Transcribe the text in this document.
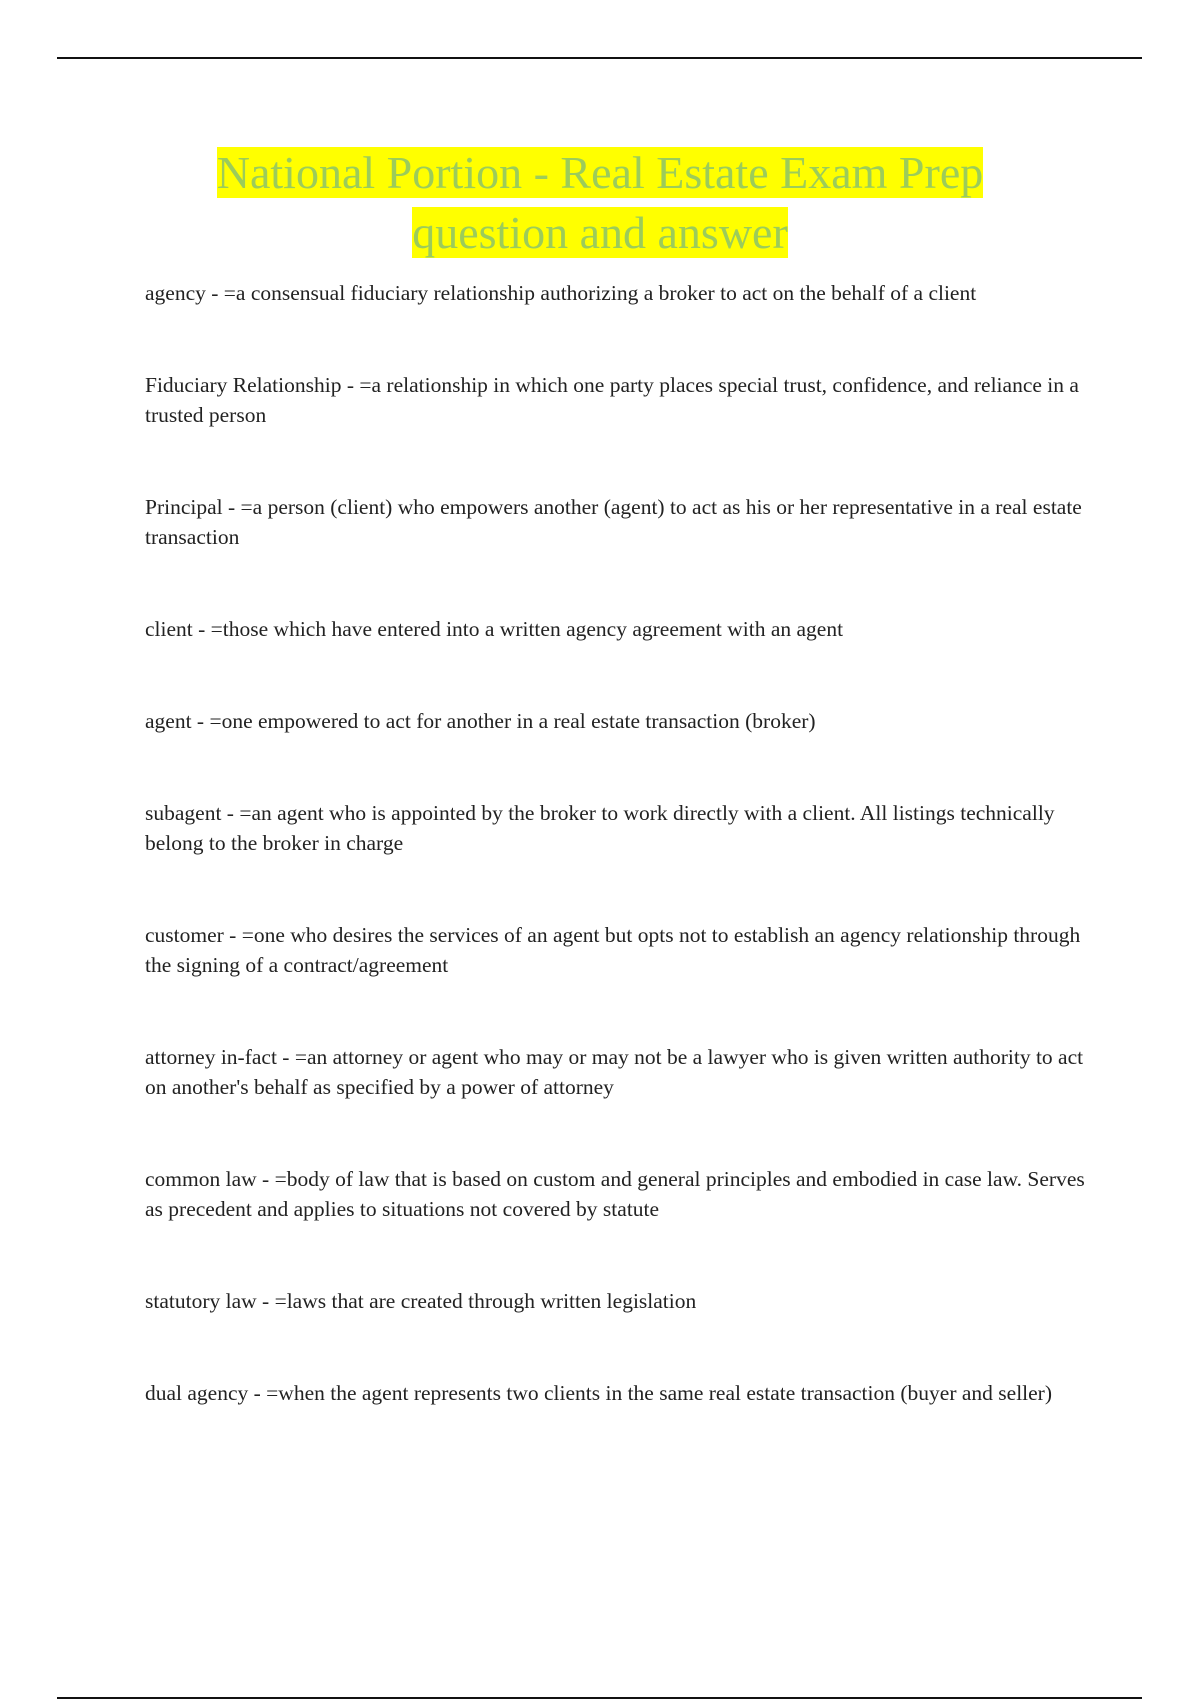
National Portion - Real Estate Exam Prep
question and answer
agency - =a consensual fiduciary relationship authorizing a broker to act on the behalf of a client
Fiduciary Relationship - =a relationship in which one party places special trust, confidence, and reliance in a trusted person
Principal - =a person (client) who empowers another (agent) to act as his or her representative in a real estate transaction
client - =those which have entered into a written agency agreement with an agent
agent - =one empowered to act for another in a real estate transaction (broker)
subagent - =an agent who is appointed by the broker to work directly with a client. All listings technically belong to the broker in charge
customer - =one who desires the services of an agent but opts not to establish an agency relationship through the signing of a contract/agreement
attorney in-fact - =an attorney or agent who may or may not be a lawyer who is given written authority to act on another's behalf as specified by a power of attorney
common law - =body of law that is based on custom and general principles and embodied in case law. Serves as precedent and applies to situations not covered by statute
statutory law - =laws that are created through written legislation
dual agency - =when the agent represents two clients in the same real estate transaction (buyer and seller)
